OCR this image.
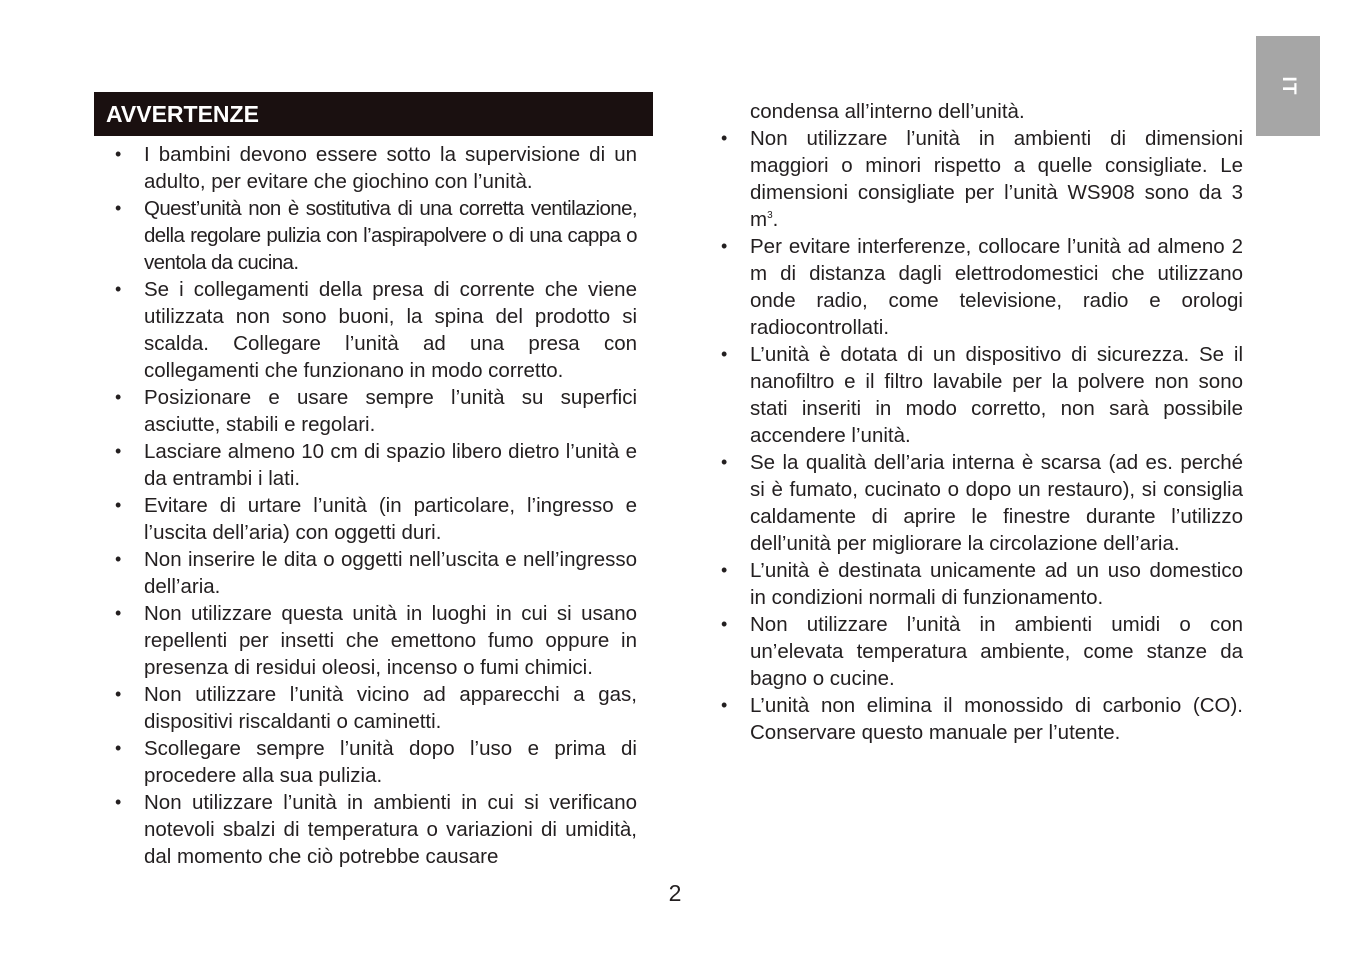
AVVERTENZE
IT
• I bambini devono essere sotto la supervisione di un adulto, per evitare che giochino con l’unità.
• Quest’unità non è sostitutiva di una corretta ventilazione, della regolare pulizia con l’aspirapolvere o di una cappa o ventola da cucina.
• Se i collegamenti della presa di corrente che viene utilizzata non sono buoni, la spina del prodotto si scalda. Collegare l’unità ad una presa con collegamenti che funzionano in modo corretto.
• Posizionare e usare sempre l’unità su superfici asciutte, stabili e regolari.
• Lasciare almeno 10 cm di spazio libero dietro l’unità e da entrambi i lati.
• Evitare di urtare l’unità (in particolare, l’ingresso e l’uscita dell’aria) con oggetti duri.
• Non inserire le dita o oggetti nell’uscita e nell’ingresso dell’aria.
• Non utilizzare questa unità in luoghi in cui si usano repellenti per insetti che emettono fumo oppure in presenza di residui oleosi, incenso o fumi chimici.
• Non utilizzare l’unità vicino ad apparecchi a gas, dispositivi riscaldanti o caminetti.
• Scollegare sempre l’unità dopo l’uso e prima di procedere alla sua pulizia.
• Non utilizzare l’unità in ambienti in cui si verificano notevoli sbalzi di temperatura o variazioni di umidità, dal momento che ciò potrebbe causare
condensa all’interno dell’unità.
• Non utilizzare l’unità in ambienti di dimensioni maggiori o minori rispetto a quelle consigliate. Le dimensioni consigliate per l’unità WS908 sono da 3 $m^3$.
• Per evitare interferenze, collocare l’unità ad almeno 2 m di distanza dagli elettrodomestici che utilizzano onde radio, come televisione, radio e orologi radiocontrollati.
• L’unità è dotata di un dispositivo di sicurezza. Se il nanofiltro e il filtro lavabile per la polvere non sono stati inseriti in modo corretto, non sarà possibile accendere l’unità.
• Se la qualità dell’aria interna è scarsa (ad es. perché si è fumato, cucinato o dopo un restauro), si consiglia caldamente di aprire le finestre durante l’utilizzo dell’unità per migliorare la circolazione dell’aria.
• L’unità è destinata unicamente ad un uso domestico in condizioni normali di funzionamento.
• Non utilizzare l’unità in ambienti umidi o con un’elevata temperatura ambiente, come stanze da bagno o cucine.
• L’unità non elimina il monossido di carbonio (CO). Conservare questo manuale per l’utente.
2
